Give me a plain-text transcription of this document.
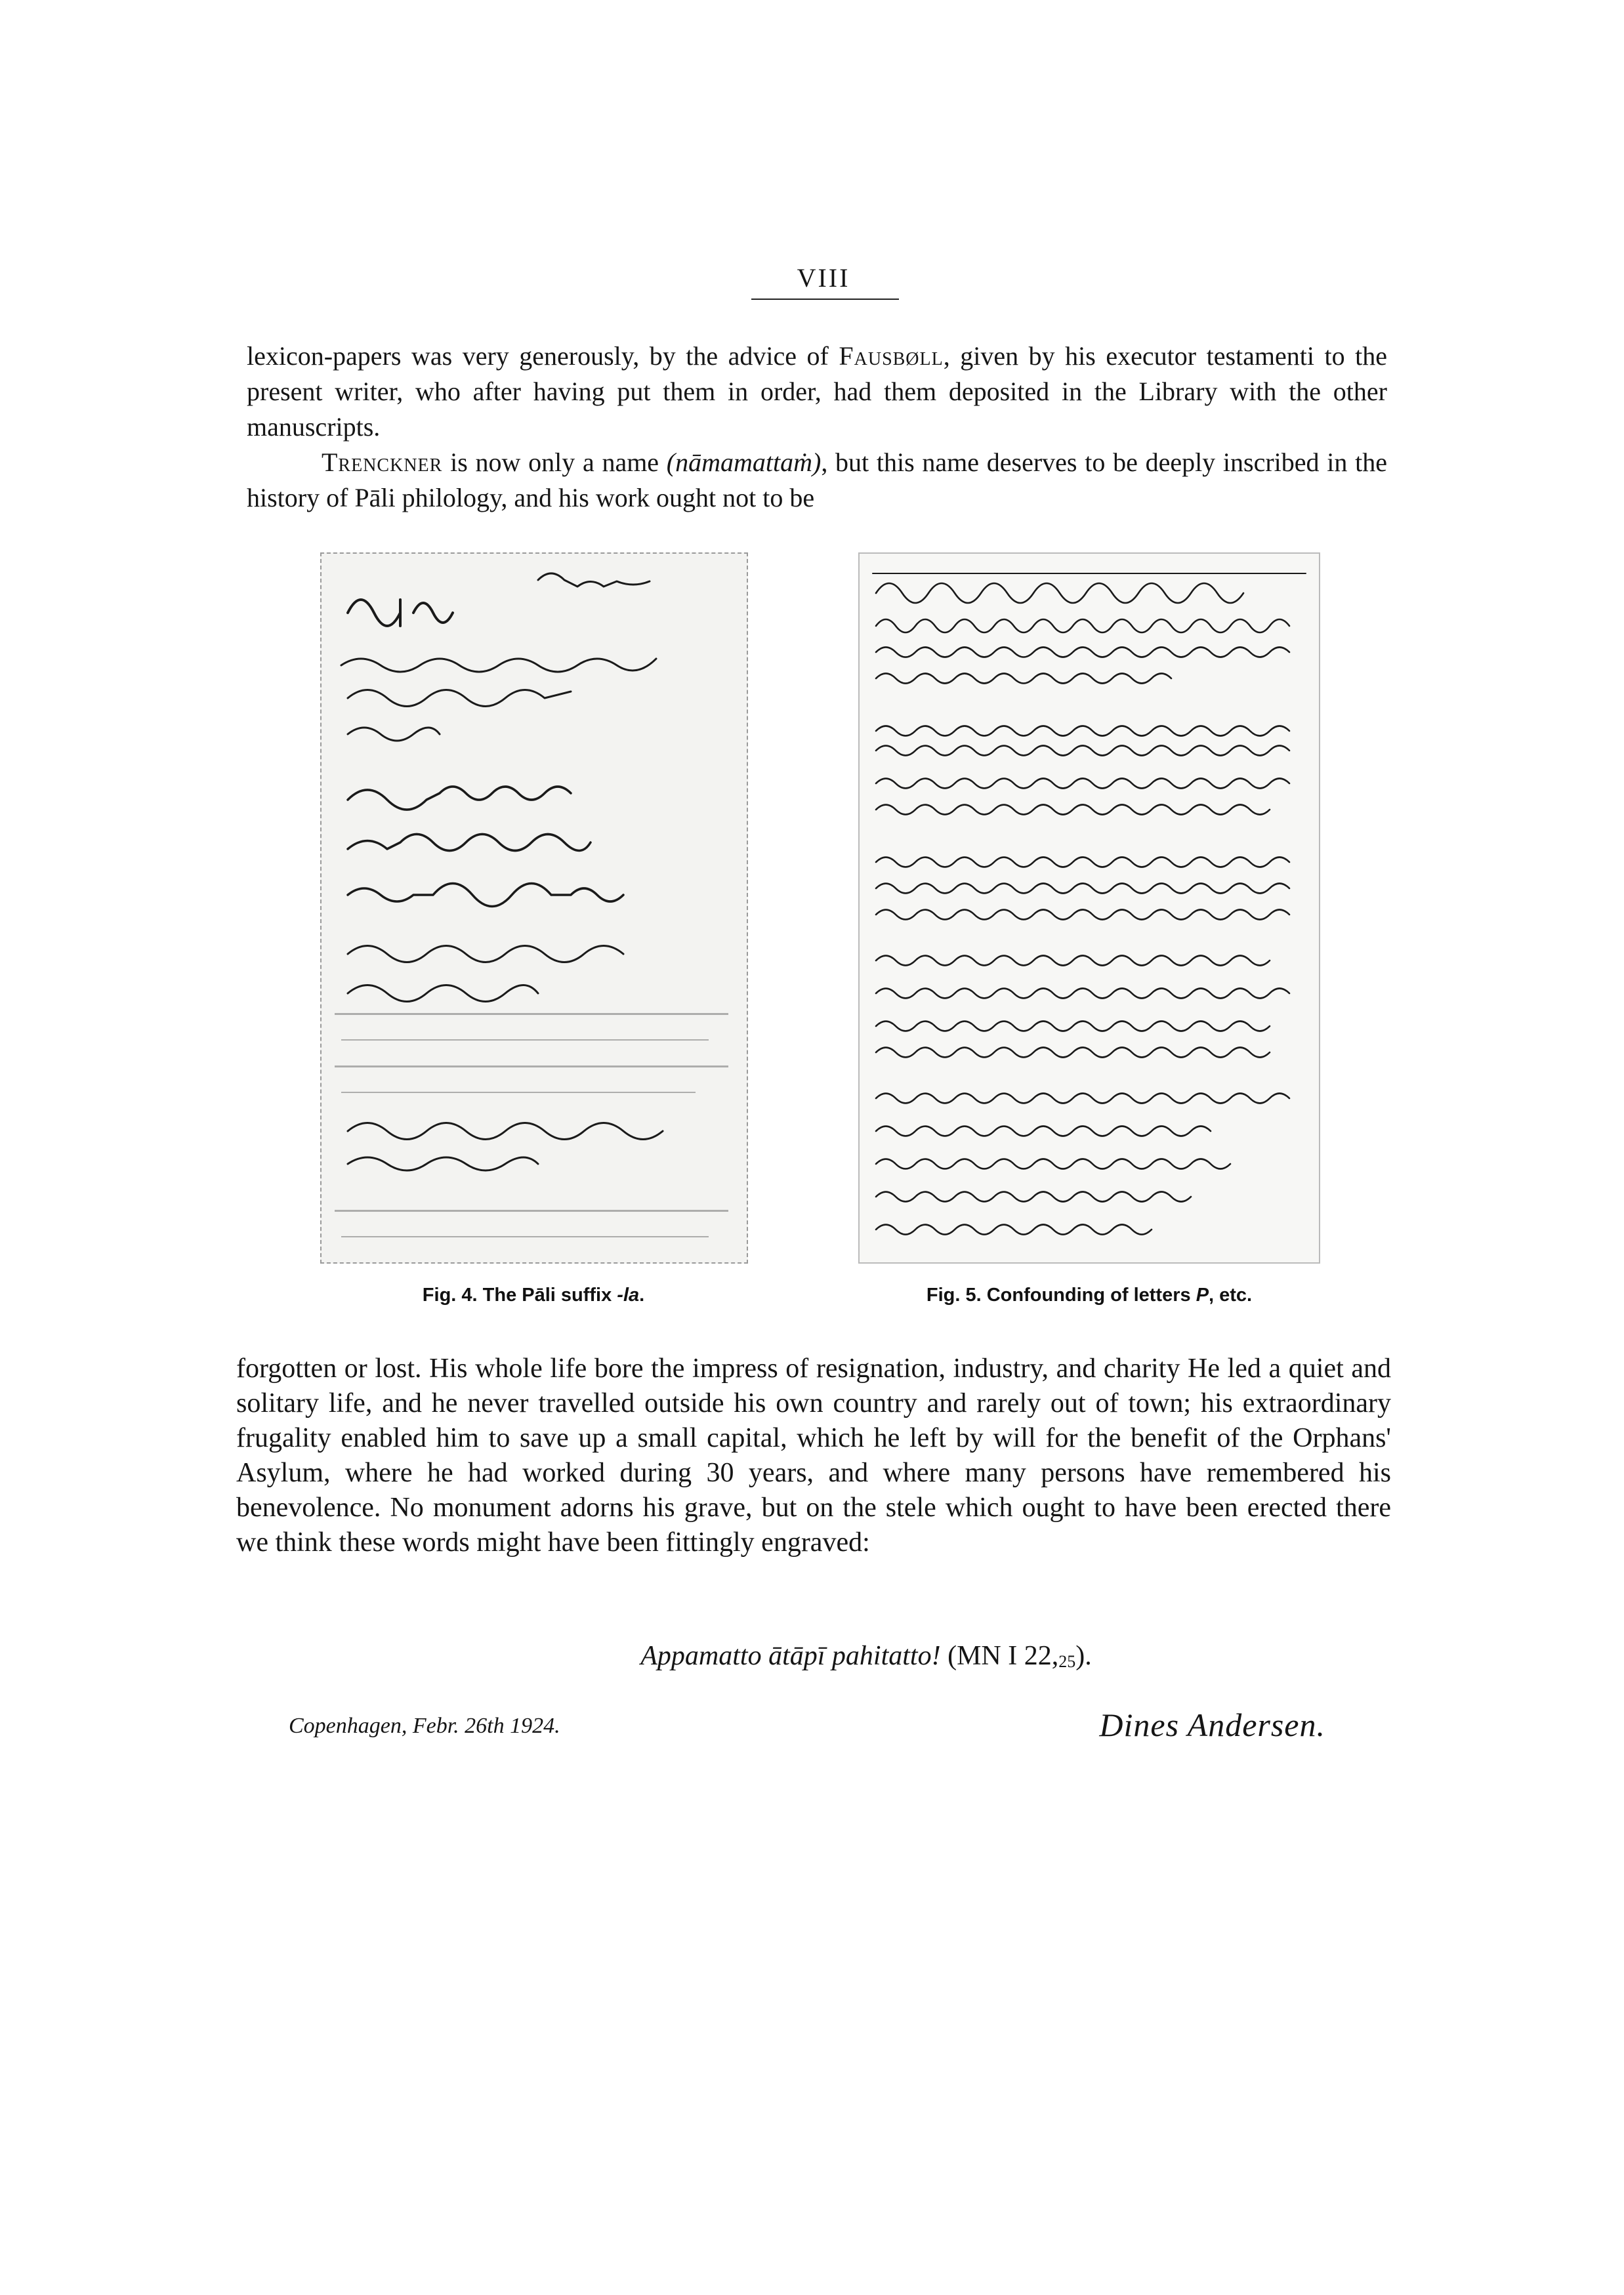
VIII

lexicon-papers was very generously, by the advice of Fausbøll, given by his executor testamenti to the present writer, who after having put them in order, had them deposited in the Library with the other manuscripts.

Trenckner is now only a name (nāmamattaṁ), but this name deserves to be deeply inscribed in the history of Pāli philology, and his work ought not to be

Fig. 4. The Pāli suffix -la.	Fig. 5. Confounding of letters P, etc.

forgotten or lost. His whole life bore the impress of resignation, industry, and charity He led a quiet and solitary life, and he never travelled outside his own country and rarely out of town; his extraordinary frugality enabled him to save up a small capital, which he left by will for the benefit of the Orphans' Asylum, where he had worked during 30 years, and where many persons have remembered his benevolence. No monument adorns his grave, but on the stele which ought to have been erected there we think these words might have been fittingly engraved:

Appamatto ātāpī pahitatto! (MN I $22,_{25}$).
Copenhagen, Febr. 26th 1924.	Dines Andersen.
